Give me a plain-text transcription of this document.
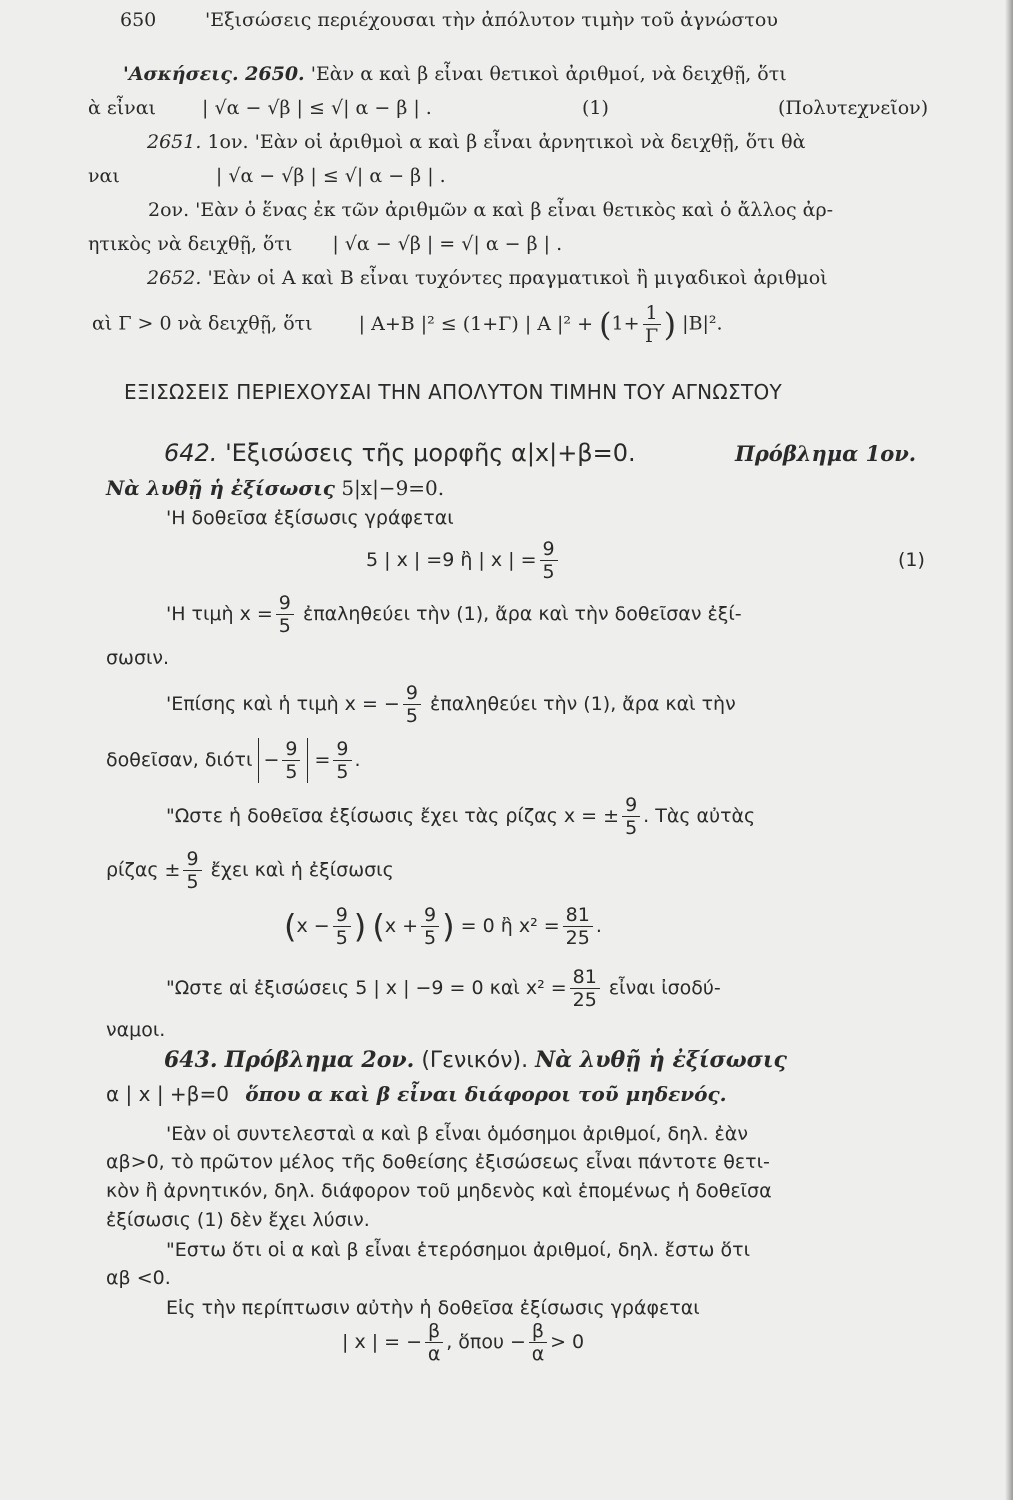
650	'Εξισώσεις περιέχουσαι τὴν ἀπόλυτον τιμὴν τοῦ ἀγνώστου
'Ασκήσεις. 2650. 'Εὰν α καὶ β εἶναι θετικοὶ ἀριθμοί, νὰ δειχθῇ, ὅτι
ὰ εἶναι | √α − √β | ≤ √| α − β | .	(1)	(Πολυτεχνεῖον)
2651. 1ον. 'Εὰν οἱ ἀριθμοὶ α καὶ β εἶναι ἀρνητικοὶ νὰ δειχθῇ, ὅτι θὰ
ναι	| √α − √β | ≤ √| α − β | .
2ον. 'Εὰν ὁ ἕνας ἐκ τῶν ἀριθμῶν α καὶ β εἶναι θετικὸς καὶ ὁ ἄλλος ἀρ-
ητικὸς νὰ δειχθῇ, ὅτι | √α − √β | = √| α − β | .
2652. 'Εὰν οἱ Α καὶ Β εἶναι τυχόντες πραγματικοὶ ἢ μιγαδικοὶ ἀριθμοὶ
αὶ Γ > 0 νὰ δειχθῇ, ὅτι | Α+Β |² ≤ (1+Γ) | Α $|^2 + (1+ \frac{1}{\Gamma}$ ) |Β|².
ΕΞΙΣΩΣΕΙΣ ΠΕΡΙΕΧΟΥΣΑΙ ΤΗΝ ΑΠΟΛΥΤΟΝ ΤΙΜΗΝ ΤΟΥ ΑΓΝΩΣΤΟΥ
642. 'Εξισώσεις τῆς μορφῆς α|x|+β=0.	Πρόβλημα 1ον.
Νὰ λυθῇ ἡ ἐξίσωσις 5|x|−9=0.
'Η δοθεῖσα ἐξίσωσις γράφεται
5 | x | =9 ἢ | x | = $\frac{9}{5}$	(1)
'Η τιμὴ $x = \frac{9}{5}$ ἐπαληθεύει τὴν (1), ἄρα καὶ τὴν δοθεῖσαν ἐξί-
σωσιν.
'Επίσης καὶ ἡ τιμὴ x = − $\frac{9}{5}$ ἐπαληθεύει τὴν (1), ἄρα καὶ τὴν
δοθεῖσαν, $\delta\iota ό\tau\iota - \frac{9}{5} = \frac{9}{5}$ .
"Ωστε ἡ δοθεῖσα ἐξίσωσις ἔχει τὰς ρίζας x = ± $\frac{9}{5}$ . Τὰς αὐτὰς
$\rho ί\zeta\alpha\varsigma \pm \frac{9}{5}$ ἔχει καὶ ἡ ἐξίσωσις
($x - \frac{9}{5}$ ) ($x + \frac{9}{5}$ ) = 0 ἢ $x^2 = \frac{81}{25}$ .
"Ωστε αἱ ἐξισώσεις 5 | x | −9 = 0 καὶ $x^2 = \frac{81}{25}$ εἶναι ἰσοδύ-
ναμοι.
643. Πρόβλημα 2ον. (Γενικόν). Νὰ λυθῇ ἡ ἐξίσωσις
α | x | +β=0 ὅπου α καὶ β εἶναι διάφοροι τοῦ μηδενός.
'Εὰν οἱ συντελεσταὶ α καὶ β εἶναι ὁμόσημοι ἀριθμοί, δηλ. ἐὰν
αβ>0, τὸ πρῶτον μέλος τῆς δοθείσης ἐξισώσεως εἶναι πάντοτε θετι-
κὸν ἢ ἀρνητικόν, δηλ. διάφορον τοῦ μηδενὸς καὶ ἑπομένως ἡ δοθεῖσα
ἐξίσωσις (1) δὲν ἔχει λύσιν.
"Εστω ὅτι οἱ α καὶ β εἶναι ἑτερόσημοι ἀριθμοί, δηλ. ἔστω ὅτι
αβ <0.
Εἰς τὴν περίπτωσιν αὐτὴν ἡ δοθεῖσα ἐξίσωσις γράφεται
| x | = − $\frac{\beta}{\alpha}$ , ὅπου − $\frac{\beta}{\alpha} > 0$
